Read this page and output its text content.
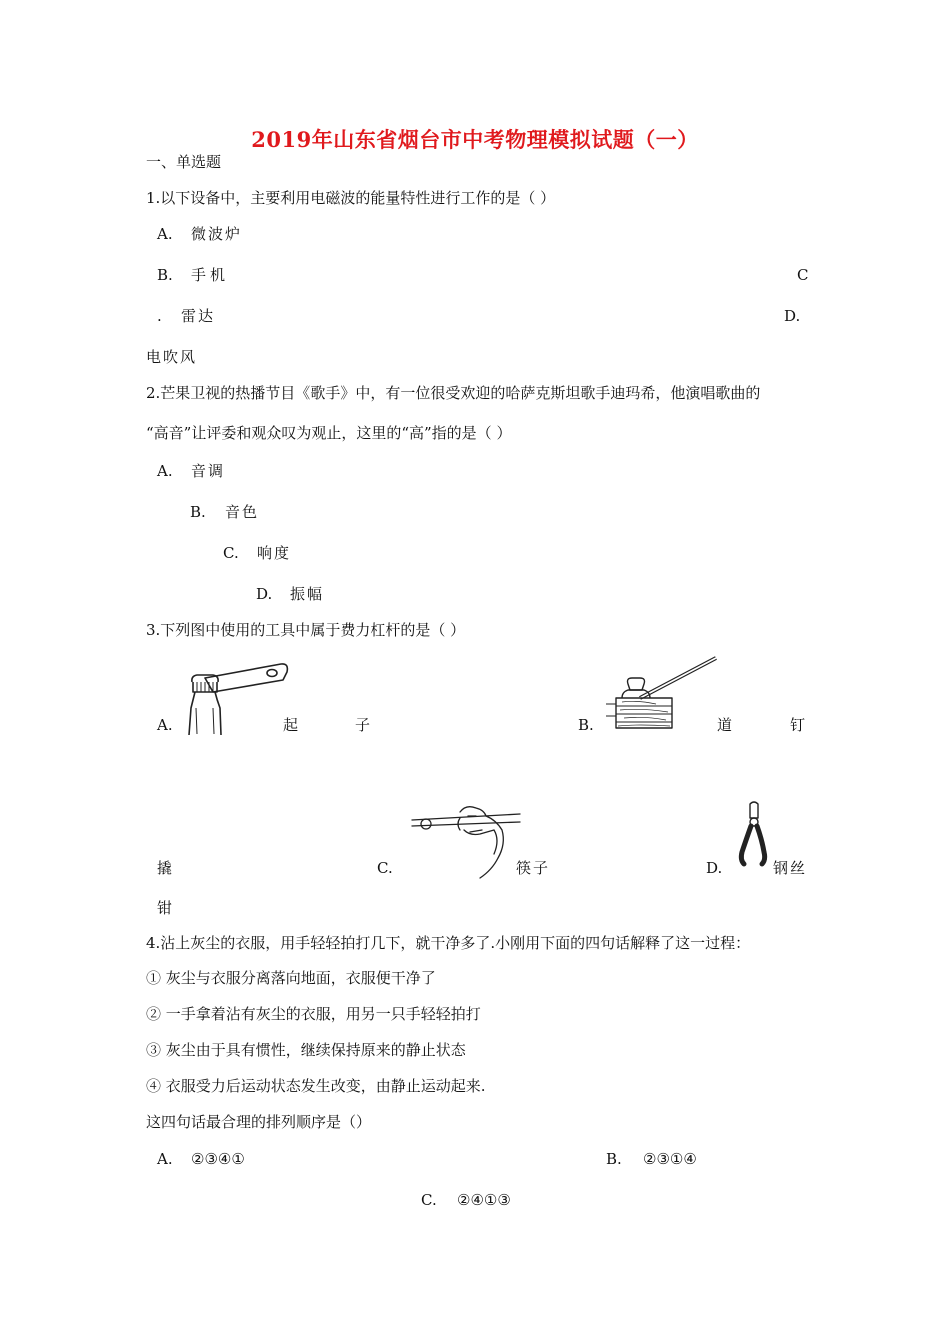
2019年山东省烟台市中考物理模拟试题（一）
一、单选题
1.以下设备中，主要利用电磁波的能量特性进行工作的是（ ）
A. 微波炉
B. 手机	C
. 雷达	D.
电吹风
2.芒果卫视的热播节目《歌手》中，有一位很受欢迎的哈萨克斯坦歌手迪玛希，他演唱歌曲的
“高音”让评委和观众叹为观止，这里的“高”指的是（ ）
A. 音调
B. 音色
C. 响度
D. 振幅
3.下列图中使用的工具中属于费力杠杆的是（ ）
A.	起	子	B.	道	钉
撬	C.	筷子	D.	钢丝
钳
4.沾上灰尘的衣服，用手轻轻拍打几下，就干净多了.小刚用下面的四句话解释了这一过程：
① 灰尘与衣服分离落向地面，衣服便干净了
② 一手拿着沾有灰尘的衣服，用另一只手轻轻拍打
③ 灰尘由于具有惯性，继续保持原来的静止状态
④ 衣服受力后运动状态发生改变，由静止运动起来.
这四句话最合理的排列顺序是（）
A. ②③④①	B. ②③①④
C. ②④①③
